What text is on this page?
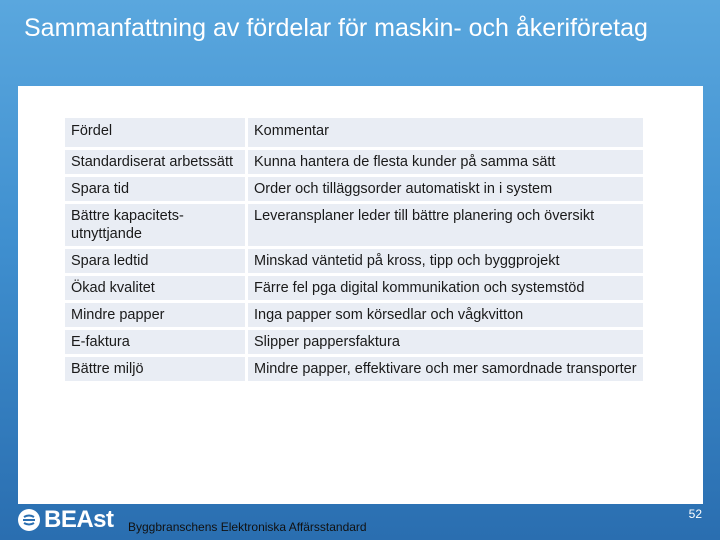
Sammanfattning av fördelar för maskin- och åkeriföretag
Fördel	Kommentar
Standardiserat arbetssätt	Kunna hantera de flesta kunder på samma sätt
Spara tid	Order och tilläggsorder automatiskt in i system
Bättre kapacitets-utnyttjande	Leveransplaner leder till bättre planering och översikt
Spara ledtid	Minskad väntetid på kross, tipp och byggprojekt
Ökad kvalitet	Färre fel pga digital kommunikation och systemstöd
Mindre papper	Inga papper som körsedlar och vågkvitton
E-faktura	Slipper pappersfaktura
Bättre miljö	Mindre papper, effektivare och mer samordnade transporter
BEAst Byggbranschens Elektroniska Affärsstandard
52
